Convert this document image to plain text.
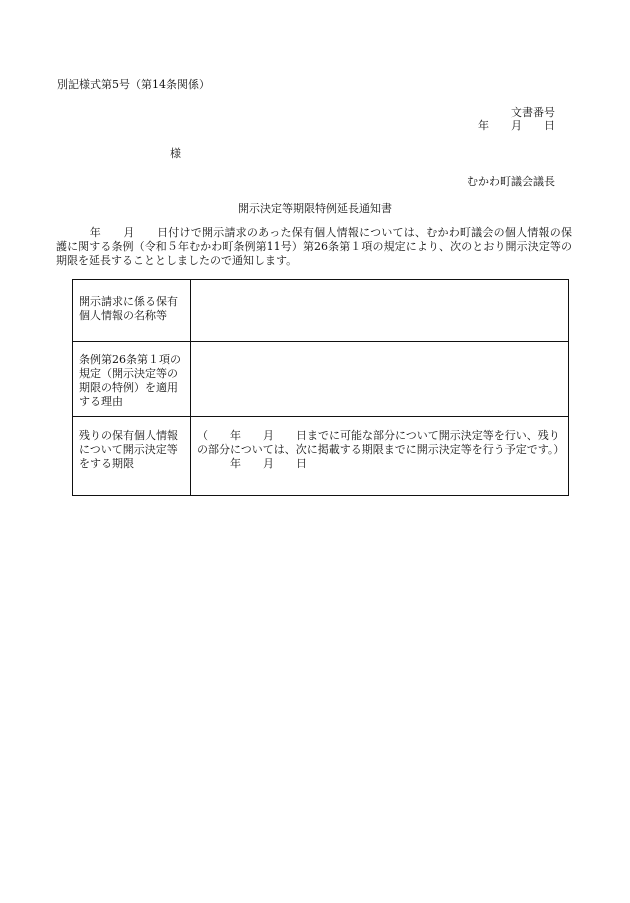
別記様式第5号（第14条関係）
文書番号
年　　月　　日
様
むかわ町議会議長
開示決定等期限特例延長通知書
　　　年　　月　　日付けで開示請求のあった保有個人情報については、むかわ町議会の個人情報の保護に関する条例（令和５年むかわ町条例第11号）第26条第１項の規定により、次のとおり開示決定等の期限を延長することとしましたので通知します。
開示請求に係る保有個人情報の名称等	
条例第26条第１項の規定（開示決定等の期限の特例）を適用する理由	
残りの保有個人情報について開示決定等をする期限	（　　年　　月　　日までに可能な部分について開示決定等を行い、残りの部分については、次に掲載する期限までに開示決定等を行う予定です。）
年　　月　　日
